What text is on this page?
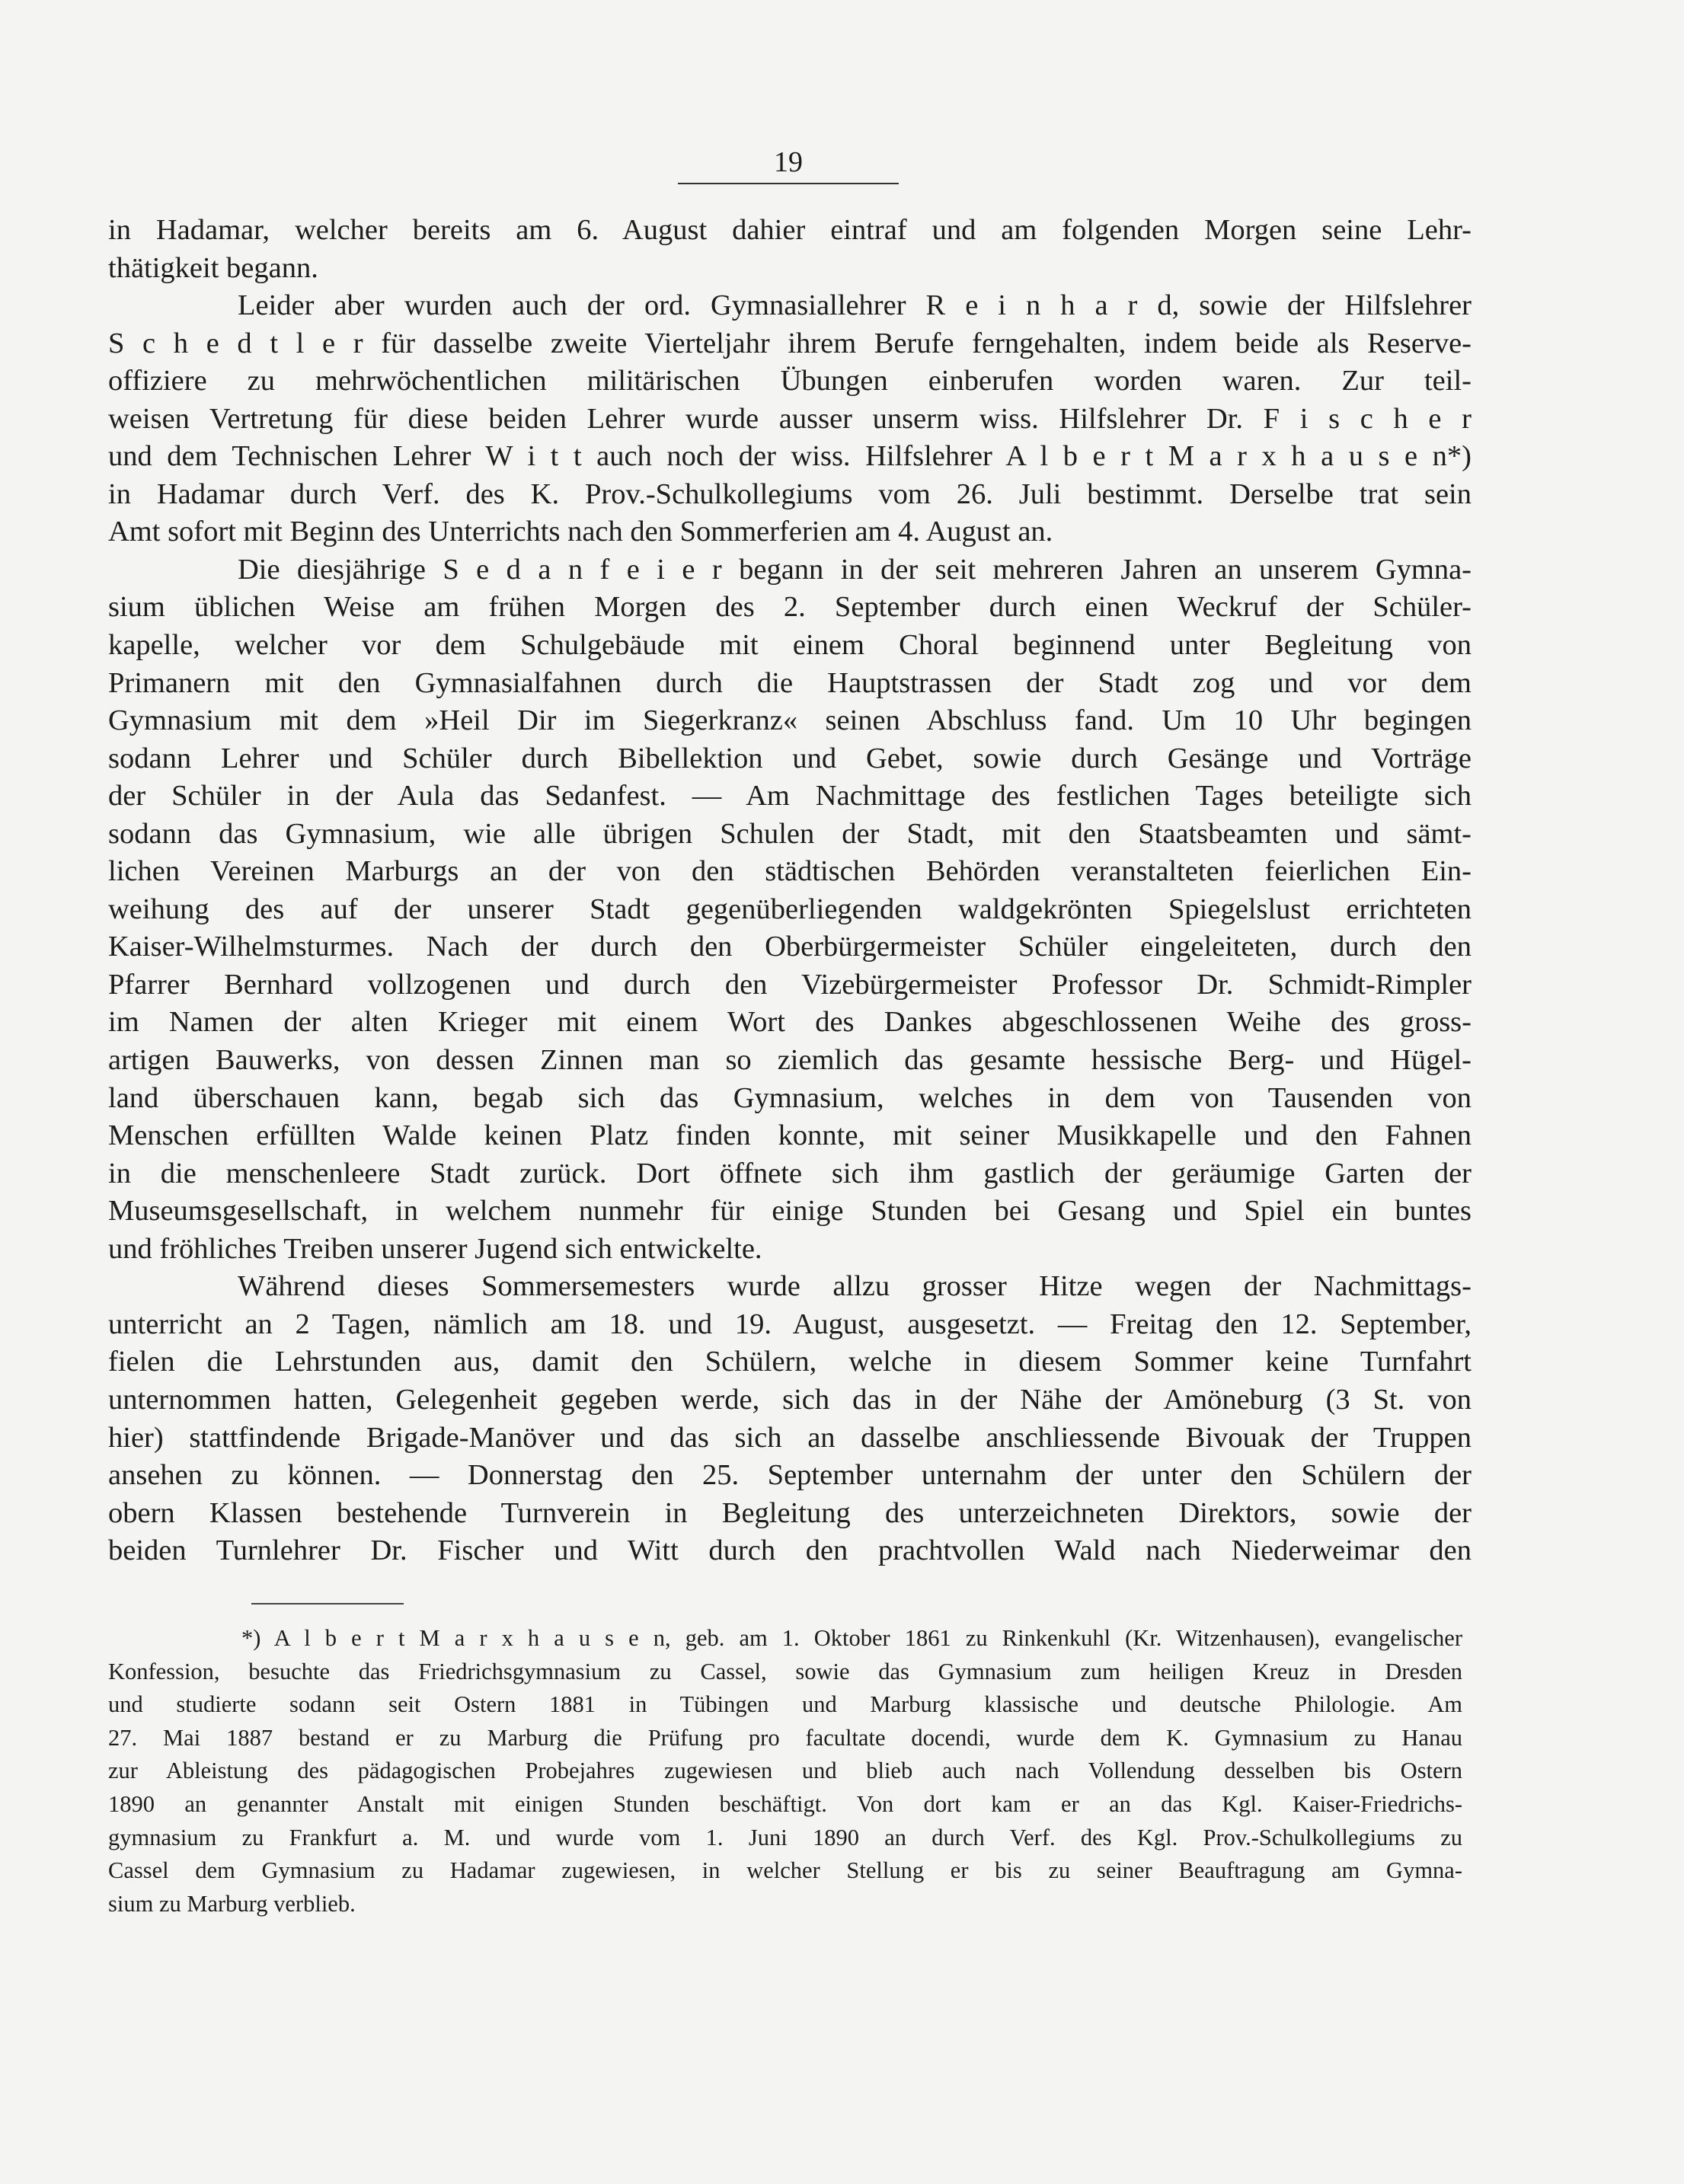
19
in Hadamar, welcher bereits am 6. August dahier eintraf und am folgenden Morgen seine Lehr-
thätigkeit begann.
Leider aber wurden auch der ord. Gymnasiallehrer R e i n h a r d, sowie der Hilfslehrer
S c h e d t l e r für dasselbe zweite Vierteljahr ihrem Berufe ferngehalten, indem beide als Reserve-
offiziere zu mehrwöchentlichen militärischen Übungen einberufen worden waren. Zur teil-
weisen Vertretung für diese beiden Lehrer wurde ausser unserm wiss. Hilfslehrer Dr. F i s c h e r
und dem Technischen Lehrer W i t t auch noch der wiss. Hilfslehrer A l b e r t M a r x h a u s e n*)
in Hadamar durch Verf. des K. Prov.-Schulkollegiums vom 26. Juli bestimmt. Derselbe trat sein
Amt sofort mit Beginn des Unterrichts nach den Sommerferien am 4. August an.
Die diesjährige S e d a n f e i e r begann in der seit mehreren Jahren an unserem Gymna-
sium üblichen Weise am frühen Morgen des 2. September durch einen Weckruf der Schüler-
kapelle, welcher vor dem Schulgebäude mit einem Choral beginnend unter Begleitung von
Primanern mit den Gymnasialfahnen durch die Hauptstrassen der Stadt zog und vor dem
Gymnasium mit dem »Heil Dir im Siegerkranz« seinen Abschluss fand. Um 10 Uhr begingen
sodann Lehrer und Schüler durch Bibellektion und Gebet, sowie durch Gesänge und Vorträge
der Schüler in der Aula das Sedanfest. — Am Nachmittage des festlichen Tages beteiligte sich
sodann das Gymnasium, wie alle übrigen Schulen der Stadt, mit den Staatsbeamten und sämt-
lichen Vereinen Marburgs an der von den städtischen Behörden veranstalteten feierlichen Ein-
weihung des auf der unserer Stadt gegenüberliegenden waldgekrönten Spiegelslust errichteten
Kaiser-Wilhelmsturmes. Nach der durch den Oberbürgermeister Schüler eingeleiteten, durch den
Pfarrer Bernhard vollzogenen und durch den Vizebürgermeister Professor Dr. Schmidt-Rimpler
im Namen der alten Krieger mit einem Wort des Dankes abgeschlossenen Weihe des gross-
artigen Bauwerks, von dessen Zinnen man so ziemlich das gesamte hessische Berg- und Hügel-
land überschauen kann, begab sich das Gymnasium, welches in dem von Tausenden von
Menschen erfüllten Walde keinen Platz finden konnte, mit seiner Musikkapelle und den Fahnen
in die menschenleere Stadt zurück. Dort öffnete sich ihm gastlich der geräumige Garten der
Museumsgesellschaft, in welchem nunmehr für einige Stunden bei Gesang und Spiel ein buntes
und fröhliches Treiben unserer Jugend sich entwickelte.
Während dieses Sommersemesters wurde allzu grosser Hitze wegen der Nachmittags-
unterricht an 2 Tagen, nämlich am 18. und 19. August, ausgesetzt. — Freitag den 12. September,
fielen die Lehrstunden aus, damit den Schülern, welche in diesem Sommer keine Turnfahrt
unternommen hatten, Gelegenheit gegeben werde, sich das in der Nähe der Amöneburg (3 St. von
hier) stattfindende Brigade-Manöver und das sich an dasselbe anschliessende Bivouak der Truppen
ansehen zu können. — Donnerstag den 25. September unternahm der unter den Schülern der
obern Klassen bestehende Turnverein in Begleitung des unterzeichneten Direktors, sowie der
beiden Turnlehrer Dr. Fischer und Witt durch den prachtvollen Wald nach Niederweimar den
*) A l b e r t M a r x h a u s e n, geb. am 1. Oktober 1861 zu Rinkenkuhl (Kr. Witzenhausen), evangelischer
Konfession, besuchte das Friedrichsgymnasium zu Cassel, sowie das Gymnasium zum heiligen Kreuz in Dresden
und studierte sodann seit Ostern 1881 in Tübingen und Marburg klassische und deutsche Philologie. Am
27. Mai 1887 bestand er zu Marburg die Prüfung pro facultate docendi, wurde dem K. Gymnasium zu Hanau
zur Ableistung des pädagogischen Probejahres zugewiesen und blieb auch nach Vollendung desselben bis Ostern
1890 an genannter Anstalt mit einigen Stunden beschäftigt. Von dort kam er an das Kgl. Kaiser-Friedrichs-
gymnasium zu Frankfurt a. M. und wurde vom 1. Juni 1890 an durch Verf. des Kgl. Prov.-Schulkollegiums zu
Cassel dem Gymnasium zu Hadamar zugewiesen, in welcher Stellung er bis zu seiner Beauftragung am Gymna-
sium zu Marburg verblieb.
